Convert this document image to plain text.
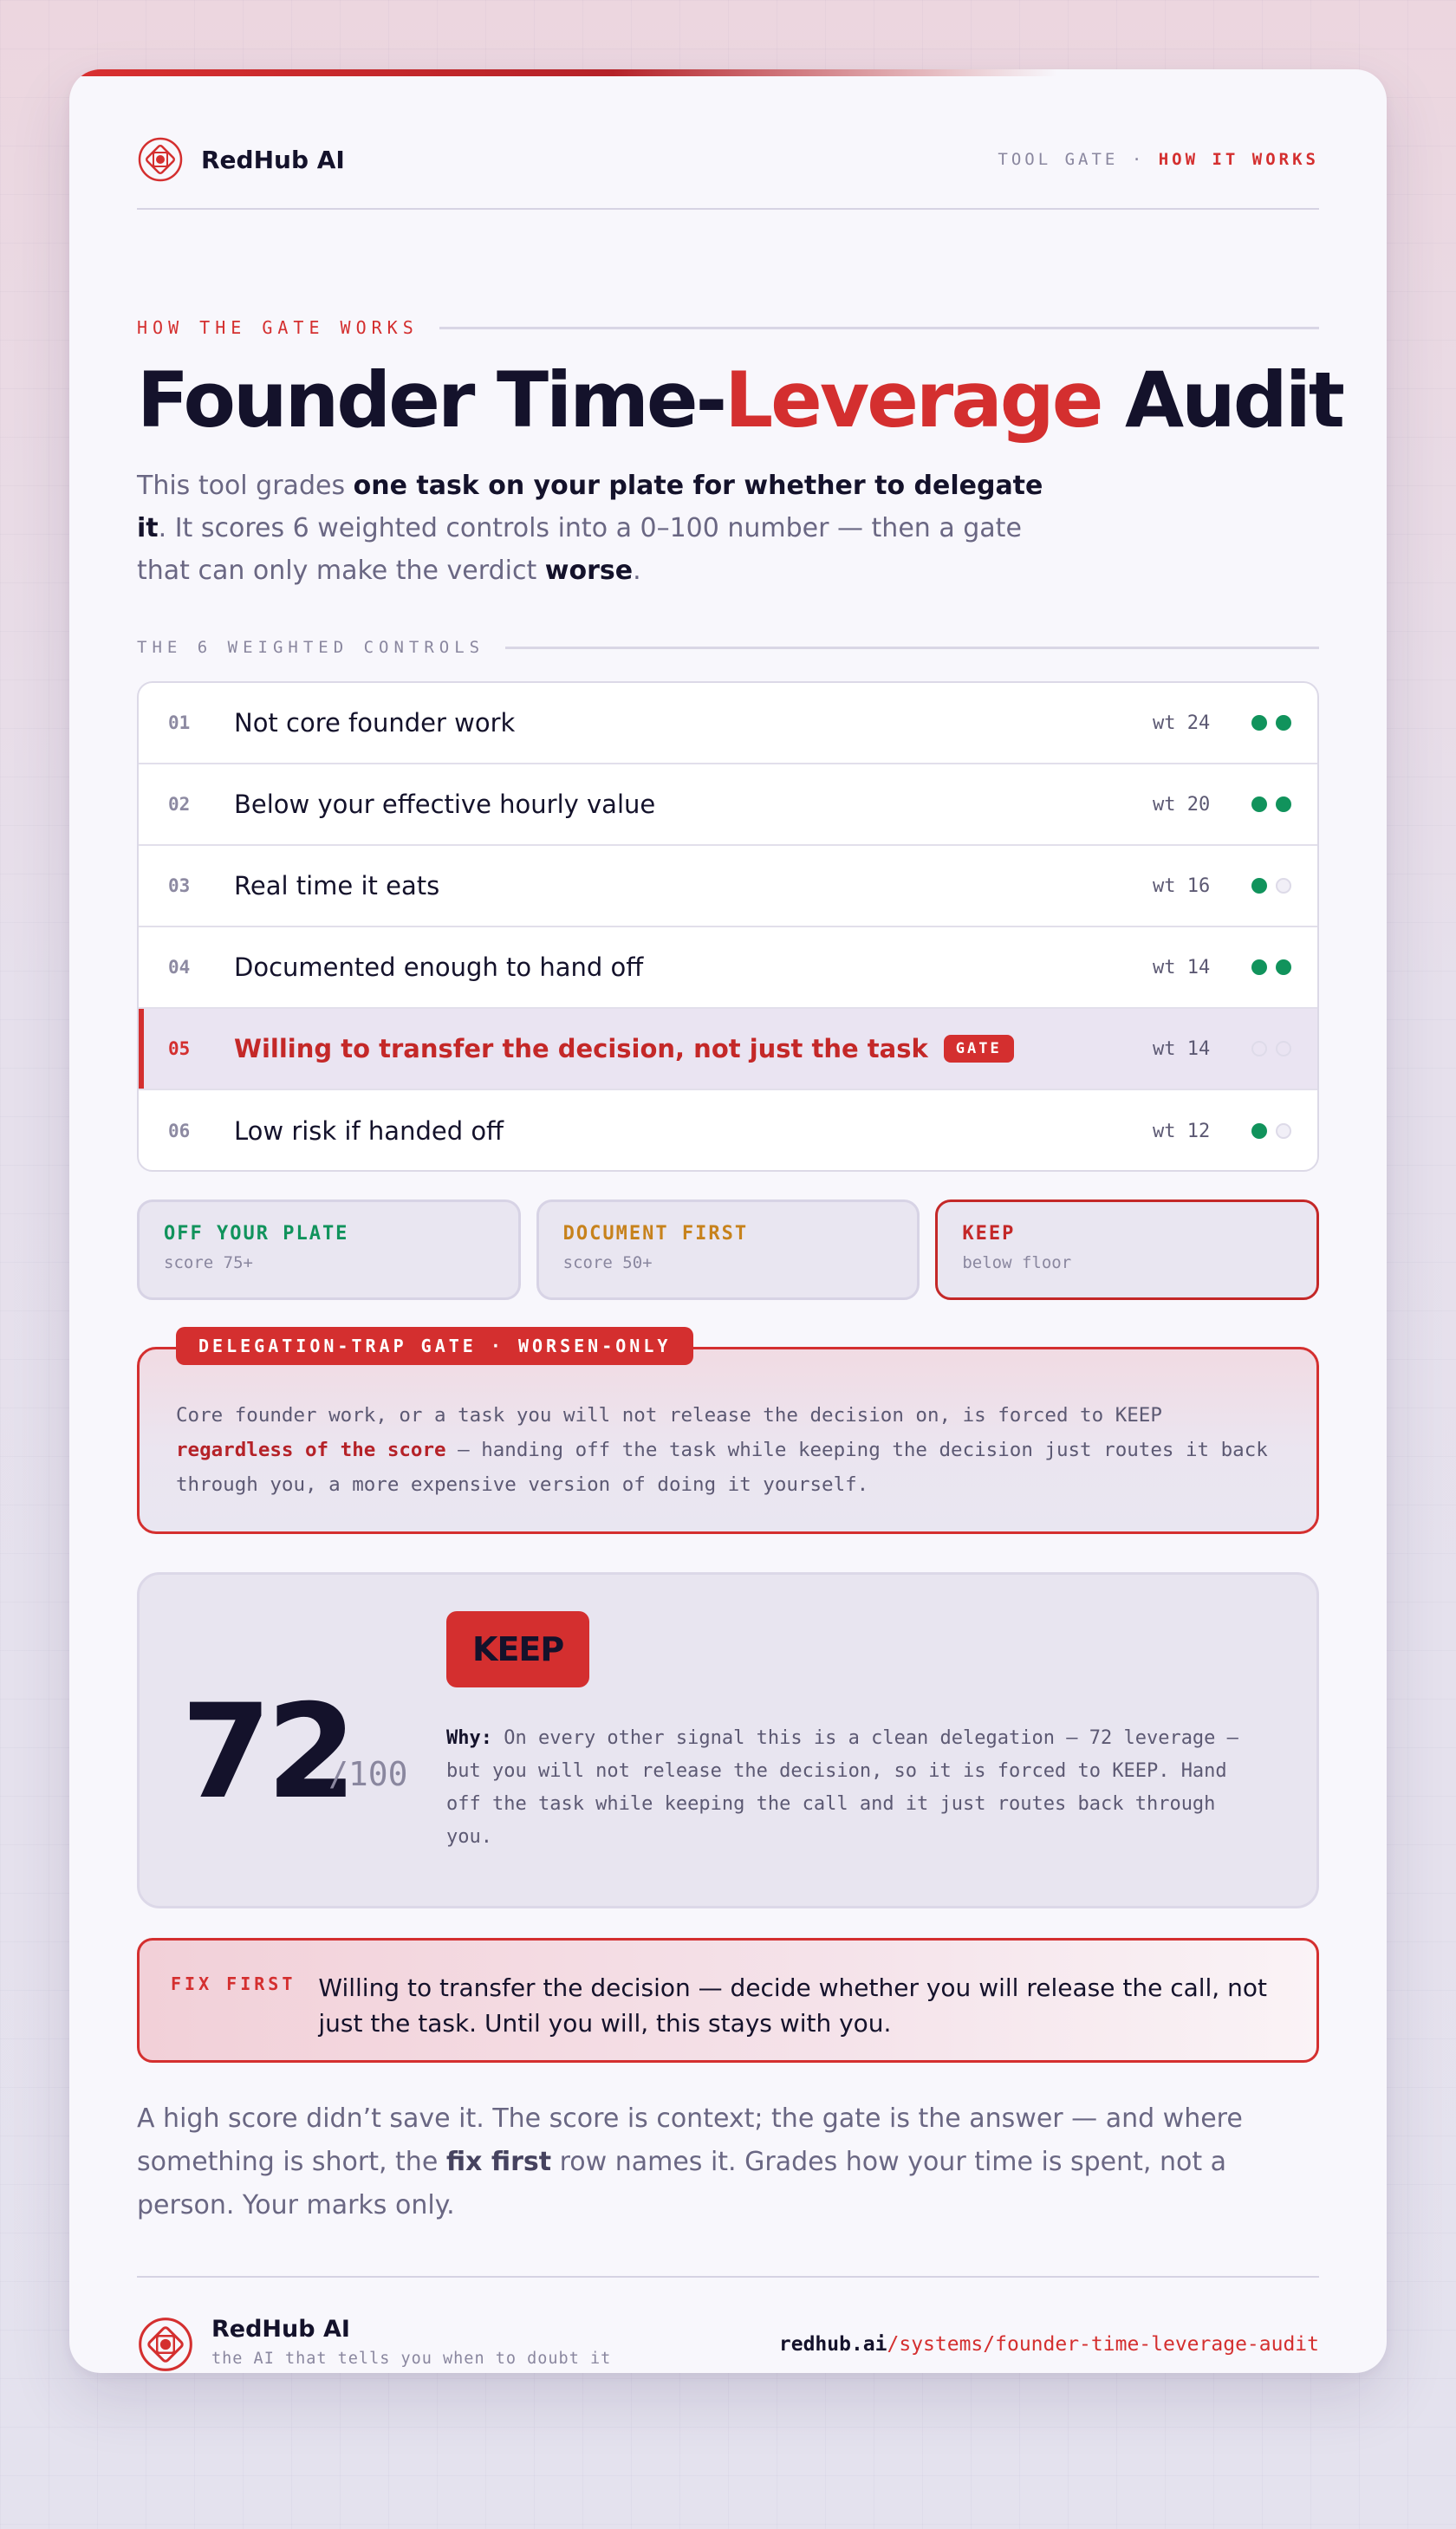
RedHub AI	TOOL GATE · HOW IT WORKS
HOW THE GATE WORKS
Founder Time-Leverage Audit

This tool grades one task on your plate for whether to delegate it. It scores 6 weighted controls into a 0–100 number — then a gate that can only make the verdict worse.

THE 6 WEIGHTED CONTROLS
01	Not core founder work	wt 24
02	Below your effective hourly value	wt 20
03	Real time it eats	wt 16
04	Documented enough to hand off	wt 14
05	Willing to transfer the decision, not just the task	GATE	wt 14
06	Low risk if handed off	wt 12
OFF YOUR PLATE
score 75+
DOCUMENT FIRST
score 50+
KEEP
below floor
DELEGATION-TRAP GATE · WORSEN-ONLY

Core founder work, or a task you will not release the decision on, is forced to KEEP regardless of the score — handing off the task while keeping the decision just routes it back through you, a more expensive version of doing it yourself.

72
/100
KEEP

Why: On every other signal this is a clean delegation — 72 leverage — but you will not release the decision, so it is forced to KEEP. Hand off the task while keeping the call and it just routes back through you.

FIX FIRST Willing to transfer the decision — decide whether you will release the call, not just the task. Until you will, this stays with you.

A high score didn’t save it. The score is context; the gate is the answer — and where something is short, the fix first row names it. Grades how your time is spent, not a person. Your marks only.

RedHub AI
the AI that tells you when to doubt it
redhub.ai/systems/founder-time-leverage-audit
